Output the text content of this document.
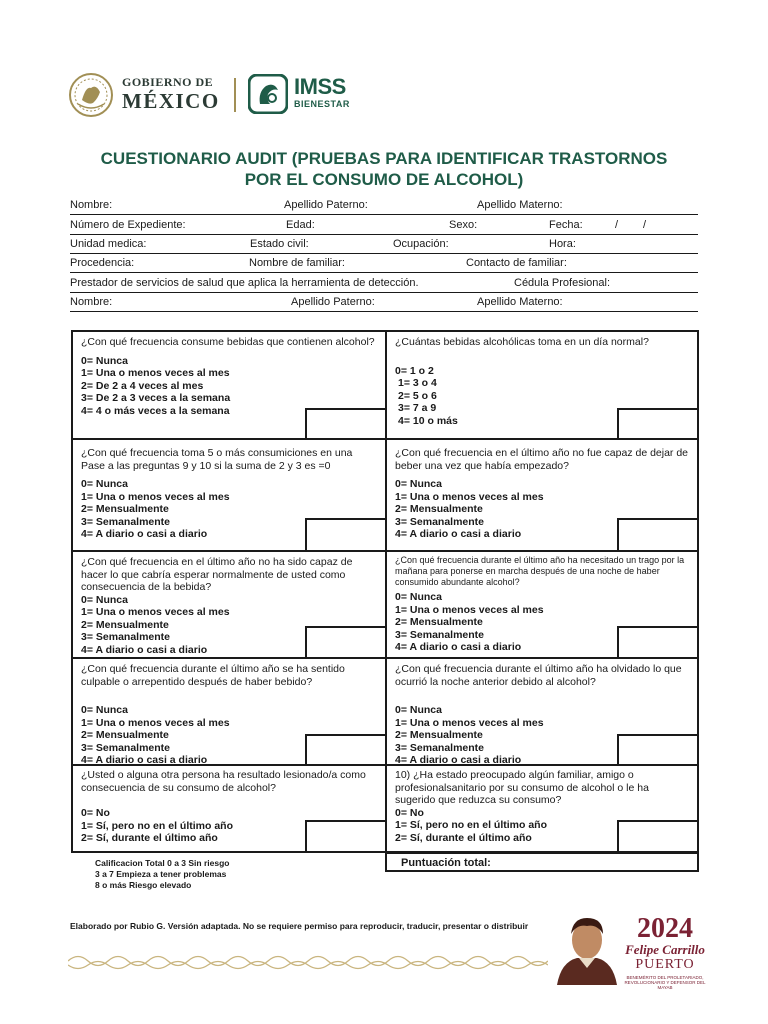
GOBIERNO DE
MÉXICO
IMSS
BIENESTAR
CUESTIONARIO AUDIT (PRUEBAS PARA IDENTIFICAR TRASTORNOS
POR EL CONSUMO DE ALCOHOL)
Nombre:	Apellido Paterno:	Apellido Materno:
Número de Expediente:	Edad:	Sexo:	Fecha:	/ /
Unidad medica:	Estado civil:	Ocupación:	Hora:
Procedencia:	Nombre de familiar:	Contacto de familiar:
Prestador de servicios de salud que aplica la herramienta de detección.	Cédula Profesional:
Nombre:	Apellido Paterno:	Apellido Materno:
¿Con qué frecuencia consume bebidas que contienen alcohol?
0= Nunca
1= Una o menos veces al mes
2= De 2 a 4 veces al mes
3= De 2 a 3 veces a la semana
4= 4 o más veces a la semana
¿Cuántas bebidas alcohólicas toma en un día normal?
0= 1 o 2
1= 3 o 4
2= 5 o 6
3= 7 a 9
4= 10 o más
¿Con qué frecuencia toma 5 o más consumiciones en una Pase a las preguntas 9 y 10 si la suma de 2 y 3 es =0
0= Nunca
1= Una o menos veces al mes
2= Mensualmente
3= Semanalmente
4= A diario o casi a diario
¿Con qué frecuencia en el último año no fue capaz de dejar de beber una vez que había empezado?
0= Nunca
1= Una o menos veces al mes
2= Mensualmente
3= Semanalmente
4= A diario o casi a diario
¿Con qué frecuencia en el último año no ha sido capaz de hacer lo que cabría esperar normalmente de usted como consecuencia de la bebida?
0= Nunca
1= Una o menos veces al mes
2= Mensualmente
3= Semanalmente
4= A diario o casi a diario
¿Con qué frecuencia durante el último año ha necesitado un trago por la mañana para ponerse en marcha después de una noche de haber consumido abundante alcohol?
0= Nunca
1= Una o menos veces al mes
2= Mensualmente
3= Semanalmente
4= A diario o casi a diario
¿Con qué frecuencia durante el último año se ha sentido culpable o arrepentido después de haber bebido?
0= Nunca
1= Una o menos veces al mes
2= Mensualmente
3= Semanalmente
4= A diario o casi a diario
¿Con qué frecuencia durante el último año ha olvidado lo que ocurrió la noche anterior debido al alcohol?
0= Nunca
1= Una o menos veces al mes
2= Mensualmente
3= Semanalmente
4= A diario o casi a diario
¿Usted o alguna otra persona ha resultado lesionado/a como consecuencia de su consumo de alcohol?
0= No
1= Sí, pero no en el último año
2= Sí, durante el último año
10) ¿Ha estado preocupado algún familiar, amigo o profesionalsanitario por su consumo de alcohol o le ha sugerido que reduzca su consumo?
0= No
1= Sí, pero no en el último año
2= Sí, durante el último año
Calificacion Total 0 a 3 Sin riesgo
3 a 7 Empieza a tener problemas
8 o más Riesgo elevado
Puntuación total:
Elaborado por Rubio G. Versión adaptada. No se requiere permiso para reproducir, traducir, presentar o distribuir	2024
Felipe Carrillo
PUERTO
BENEMÉRITO DEL PROLETARIADO, REVOLUCIONARIO Y DEFENSOR DEL MAYAB
